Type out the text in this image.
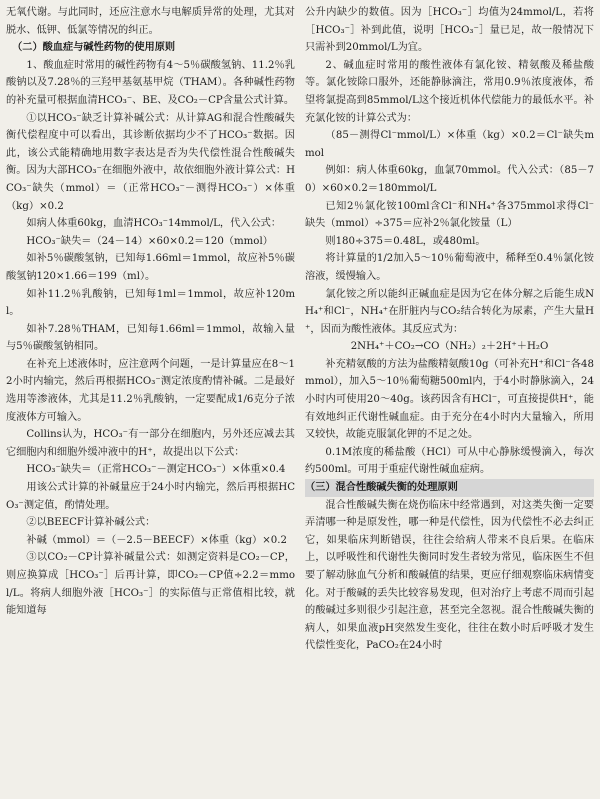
无氧代谢。与此同时，还应注意水与电解质异常的处理，尤其对脱水、低钾、低氯等情况的纠正。

（二）酸血症与碱性药物的使用原则

1、酸血症时常用的碱性药物有4～5％碳酸氢钠、11.2％乳酸钠以及7.28％的三羟甲基氨基甲烷（THAM）。各种碱性药物的补充量可根据血清HCO₃⁻、BE、及CO₂－CP含量公式计算。

①以HCO₃⁻缺乏计算补碱公式：从计算AG和混合性酸碱失衡代偿程度中可以看出，其诊断依据均少不了HCO₃⁻数据。因此，该公式能精确地用数字表达是否为失代偿性混合性酸碱失衡。因为大部HCO₃⁻在细胞外液中，故依细胞外液计算公式：HCO₃⁻缺失（mmol）＝（正常HCO₃⁻－测得HCO₃⁻）×体重（kg）×0.2

如病人体重60kg，血清HCO₃⁻14mmol/L，代入公式：

HCO₃⁻缺失＝（24－14）×60×0.2＝120（mmol）

如补5％碳酸氢钠，已知每1.66ml＝1mmol，故应补5％碳酸氢钠120×1.66＝199（ml）。

如补11.2％乳酸钠，已知每1ml＝1mmol，故应补120ml。

如补7.28％THAM，已知每1.66ml＝1mmol，故输入量与5％碳酸氢钠相同。

在补充上述液体时，应注意两个问题，一是计算量应在8～12小时内输完，然后再根据HCO₃⁻测定浓度酌情补碱。二是最好选用等渗液体，尤其是11.2％乳酸钠，一定要配成1/6克分子浓度液体方可输入。

Collins认为，HCO₃⁻有一部分在细胞内，另外还应减去其它细胞内和细胞外缓冲液中的H⁺，故提出以下公式：

HCO₃⁻缺失＝（正常HCO₃⁻－测定HCO₃⁻）×体重×0.4

用该公式计算的补碱量应于24小时内输完，然后再根据HCO₃⁻测定值，酌情处理。

②以BEECF计算补碱公式：

补碱（mmol）＝（－2.5－BEECF）×体重（kg）×0.2

③以CO₂－CP计算补碱量公式：如测定资料是CO₂－CP，则应换算成［HCO₃⁻］后再计算，即CO₂－CP值÷2.2＝mmol/L。将病人细胞外液［HCO₃⁻］的实际值与正常值相比较，就能知道每

公升内缺少的数值。因为［HCO₃⁻］均值为24mmol/L，若将［HCO₃⁻］补到此值，说明［HCO₃⁻］量已足，故一般情况下只需补到20mmol/L为宜。

2、碱血症时常用的酸性液体有氯化铵、精氨酸及稀盐酸等。氯化铵除口服外，还能静脉滴注，常用0.9％浓度液体，希望将氯提高到85mmol/L这个接近机体代偿能力的最低水平。补充氯化铵的计算公式为：

（85－测得Cl⁻mmol/L）×体重（kg）×0.2＝Cl⁻缺失mmol

例如：病人体重60kg，血氯70mmol。代入公式：（85－70）×60×0.2＝180mmol/L

已知2％氯化铵100ml含Cl⁻和NH₄⁺各375mmol求得Cl⁻缺失（mmol）÷375＝应补2％氯化铵量（L）

则180÷375＝0.48L，或480ml。

将计算量的1/2加入5～10％葡萄液中，稀释至0.4％氯化铵溶液，缓慢输入。

氯化铵之所以能纠正碱血症是因为它在体分解之后能生成NH₄⁺和Cl⁻，NH₄⁺在肝脏内与CO₂结合转化为尿素，产生大量H⁺，因而为酸性液体。其反应式为：

2NH₄⁺＋CO₂→CO（NH₂）₂＋2H⁺＋H₂O

补充精氨酸的方法为盐酸精氨酸10g（可补充H⁺和Cl⁻各48mmol），加入5～10％葡萄糖500ml内，于4小时静脉滴入，24小时内可使用20～40g。该药因含有HCl⁻，可直接提供H⁺，能有效地纠正代谢性碱血症。由于充分在4小时内大量输入，所用又较快，故能克服氯化钾的不足之处。

0.1M浓度的稀盐酸（HCl）可从中心静脉缓慢滴入，每次约500ml。可用于重症代谢性碱血症病。

（三）混合性酸碱失衡的处理原则

混合性酸碱失衡在烧伤临床中经常遇到，对这类失衡一定要弄清哪一种是原发性，哪一种是代偿性，因为代偿性不必去纠正它，如果临床判断错误，往往会给病人带来不良后果。在临床上，以呼吸性和代谢性失衡同时发生者较为常见，临床医生不但要了解动脉血气分析和酸碱值的结果，更应仔细观察临床病情变化。对于酸碱的丢失比较容易发现，但对治疗上考虑不周而引起的酸碱过多则很少引起注意，甚至完全忽视。混合性酸碱失衡的病人，如果血液pH突然发生变化，往往在数小时后呼吸才发生代偿性变化，PaCO₂在24小时
